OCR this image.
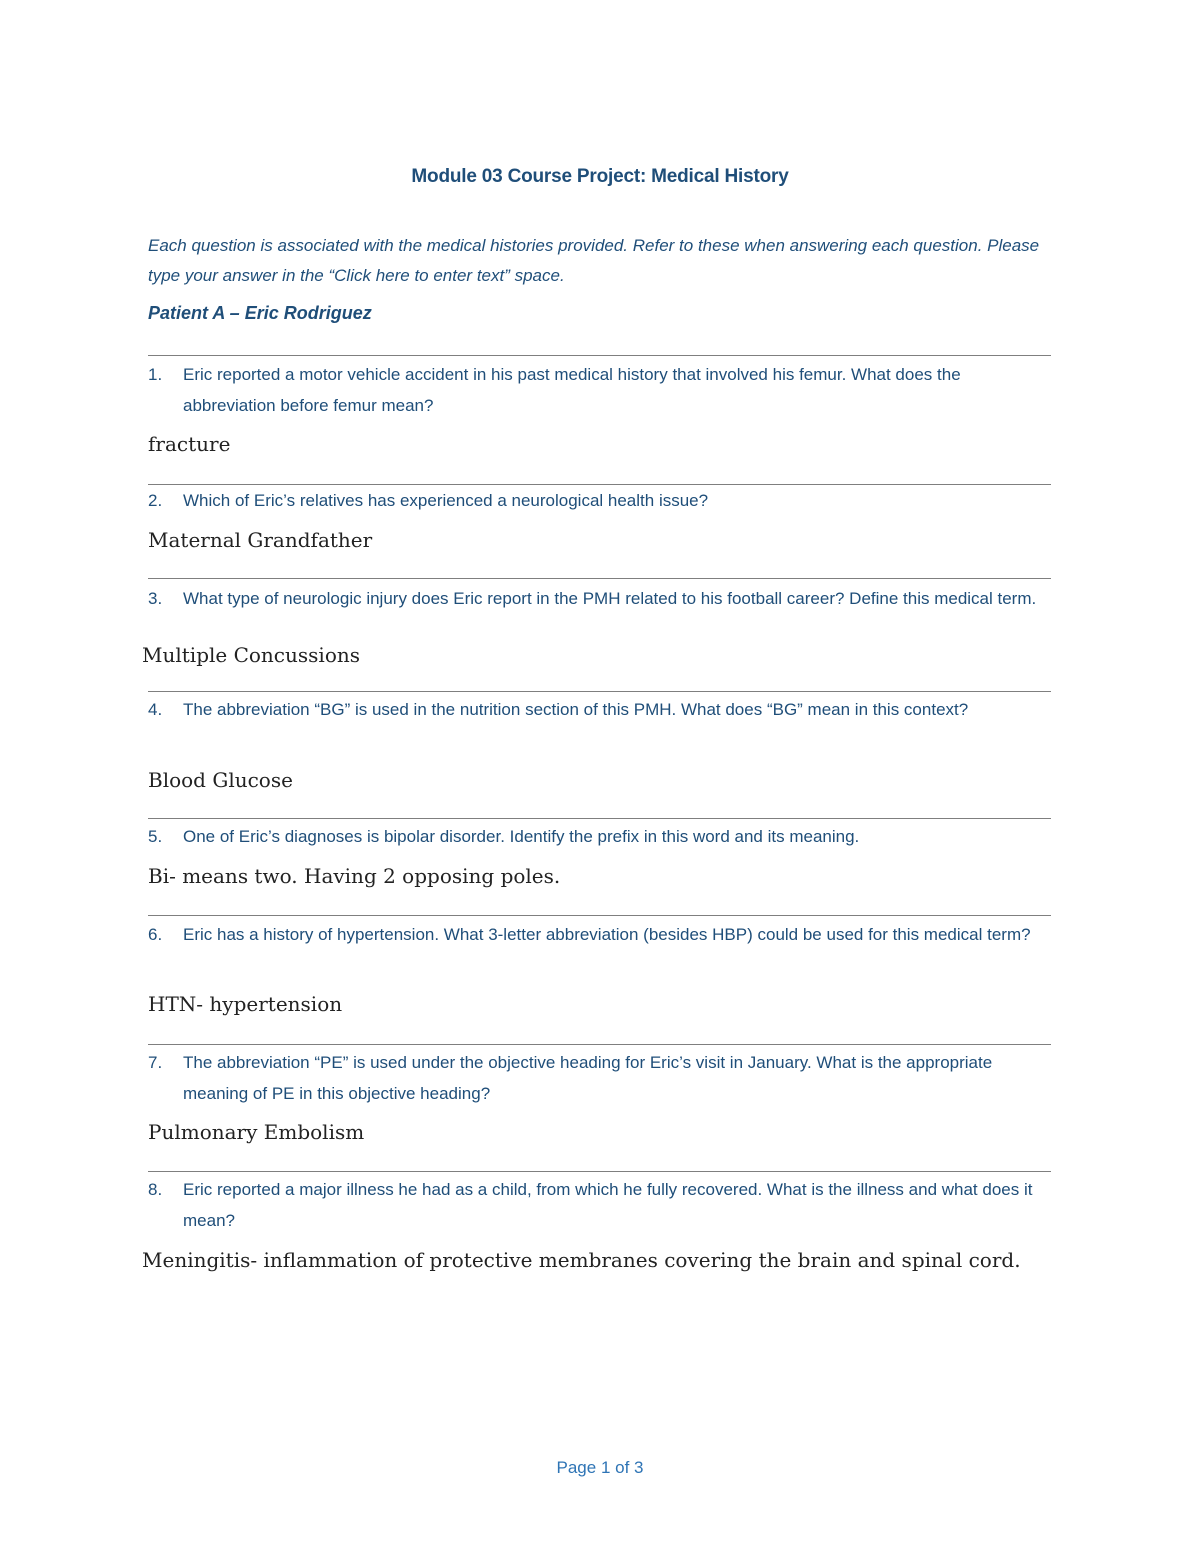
Module 03 Course Project: Medical History
Each question is associated with the medical histories provided. Refer to these when answering each question. Please type your answer in the “Click here to enter text” space.
Patient A – Eric Rodriguez
1.	Eric reported a motor vehicle accident in his past medical history that involved his femur. What does the abbreviation before femur mean?
fracture
2.	Which of Eric’s relatives has experienced a neurological health issue?
Maternal Grandfather
3.	What type of neurologic injury does Eric report in the PMH related to his football career? Define this medical term.
Multiple Concussions
4.	The abbreviation “BG” is used in the nutrition section of this PMH. What does “BG” mean in this context?
Blood Glucose
5.	One of Eric’s diagnoses is bipolar disorder. Identify the prefix in this word and its meaning.
Bi- means two. Having 2 opposing poles.
6.	Eric has a history of hypertension. What 3-letter abbreviation (besides HBP) could be used for this medical term?
HTN- hypertension
7.	The abbreviation “PE” is used under the objective heading for Eric’s visit in January. What is the appropriate meaning of PE in this objective heading?
Pulmonary Embolism
8.	Eric reported a major illness he had as a child, from which he fully recovered. What is the illness and what does it mean?
Meningitis- inflammation of protective membranes covering the brain and spinal cord.
Page 1 of 3
